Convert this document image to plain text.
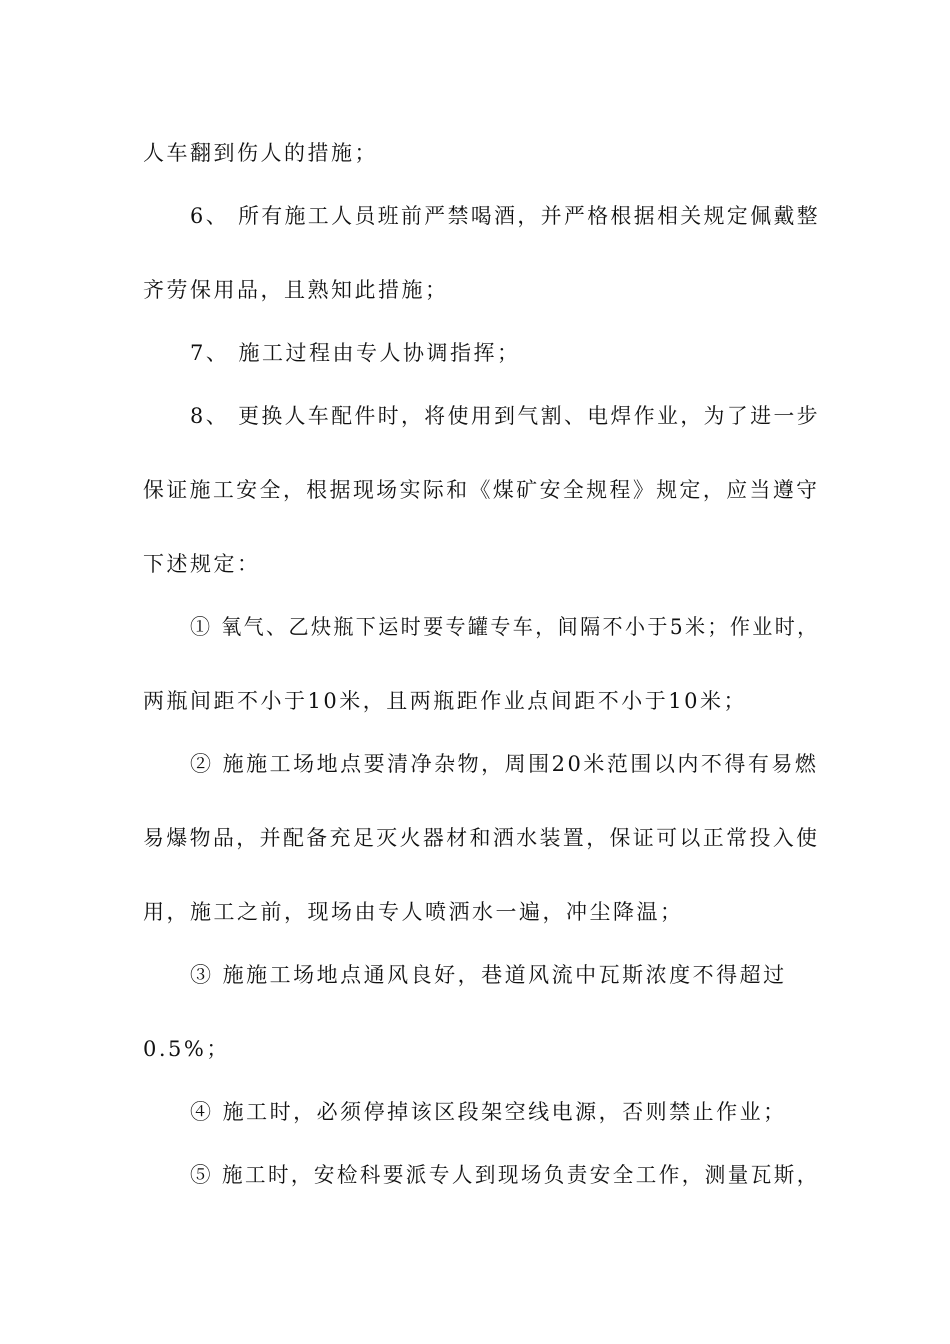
人车翻到伤人的措施；
6、 所有施工人员班前严禁喝酒，并严格根据相关规定佩戴整
齐劳保用品，且熟知此措施；
7、 施工过程由专人协调指挥；
8、 更换人车配件时，将使用到气割、电焊作业，为了进一步
保证施工安全，根据现场实际和《煤矿安全规程》规定，应当遵守
下述规定：
① 氧气、乙炔瓶下运时要专罐专车，间隔不小于5米；作业时，
两瓶间距不小于10米，且两瓶距作业点间距不小于10米；
② 施施工场地点要清净杂物，周围20米范围以内不得有易燃
易爆物品，并配备充足灭火器材和洒水装置，保证可以正常投入使
用，施工之前，现场由专人喷洒水一遍，冲尘降温；
③ 施施工场地点通风良好，巷道风流中瓦斯浓度不得超过
0.5%；
④ 施工时，必须停掉该区段架空线电源，否则禁止作业；
⑤ 施工时，安检科要派专人到现场负责安全工作，测量瓦斯，
